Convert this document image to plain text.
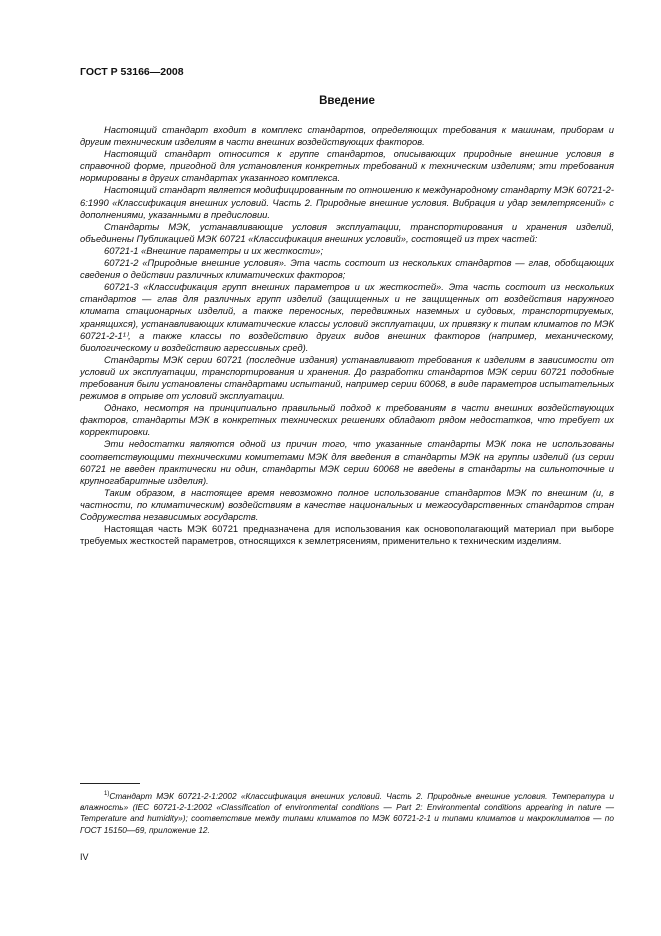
ГОСТ Р 53166—2008
Введение

Настоящий стандарт входит в комплекс стандартов, определяющих требования к машинам, приборам и другим техническим изделиям в части внешних воздействующих факторов.

Настоящий стандарт относится к группе стандартов, описывающих природные внешние условия в справочной форме, пригодной для установления конкретных требований к техническим изделиям; эти требования нормированы в других стандартах указанного комплекса.

Настоящий стандарт является модифицированным по отношению к международному стандарту МЭК 60721-2-6:1990 «Классификация внешних условий. Часть 2. Природные внешние условия. Вибрация и удар землетрясений» с дополнениями, указанными в предисловии.

Стандарты МЭК, устанавливающие условия эксплуатации, транспортирования и хранения изделий, объединены Публикацией МЭК 60721 «Классификация внешних условий», состоящей из трех частей:

60721-1 «Внешние параметры и их жесткости»;

60721-2 «Природные внешние условия». Эта часть состоит из нескольких стандартов — глав, обобщающих сведения о действии различных климатических факторов;

60721-3 «Классификация групп внешних параметров и их жесткостей». Эта часть состоит из нескольких стандартов — глав для различных групп изделий (защищенных и не защищенных от воздействия наружного климата стационарных изделий, а также переносных, передвижных наземных и судовых, транспортируемых, хранящихся), устанавливающих климатические классы условий эксплуатации, их привязку к типам климатов по МЭК 60721-2-1¹⁾, а также классы по воздействию других видов внешних факторов (например, механическому, биологическому и воздействию агрессивных сред).

Стандарты МЭК серии 60721 (последние издания) устанавливают требования к изделиям в зависимости от условий их эксплуатации, транспортирования и хранения. До разработки стандартов МЭК серии 60721 подобные требования были установлены стандартами испытаний, например серии 60068, в виде параметров испытательных режимов в отрыве от условий эксплуатации.

Однако, несмотря на принципиально правильный подход к требованиям в части внешних воздействующих факторов, стандарты МЭК в конкретных технических решениях обладают рядом недостатков, что требует их корректировки.

Эти недостатки являются одной из причин того, что указанные стандарты МЭК пока не использованы соответствующими техническими комитетами МЭК для введения в стандарты МЭК на группы изделий (из серии 60721 не введен практически ни один, стандарты МЭК серии 60068 не введены в стандарты на сильноточные и крупногабаритные изделия).

Таким образом, в настоящее время невозможно полное использование стандартов МЭК по внешним (и, в частности, по климатическим) воздействиям в качестве национальных и межгосударственных стандартов стран Содружества независимых государств.

Настоящая часть МЭК 60721 предназначена для использования как основополагающий материал при выборе требуемых жесткостей параметров, относящихся к землетрясениям, применительно к техническим изделиям.

$^{1)}$Стандарт МЭК 60721-2-1:2002 «Классификация внешних условий. Часть 2. Природные внешние условия. Температура и влажность» (IEC 60721-2-1:2002 «Classification of environmental conditions — Part 2: Environmental conditions appearing in nature — Temperature and humidity»); соответствие между типами климатов по МЭК 60721-2-1 и типами климатов и макроклиматов — по ГОСТ 15150—69, приложение 12.

IV
